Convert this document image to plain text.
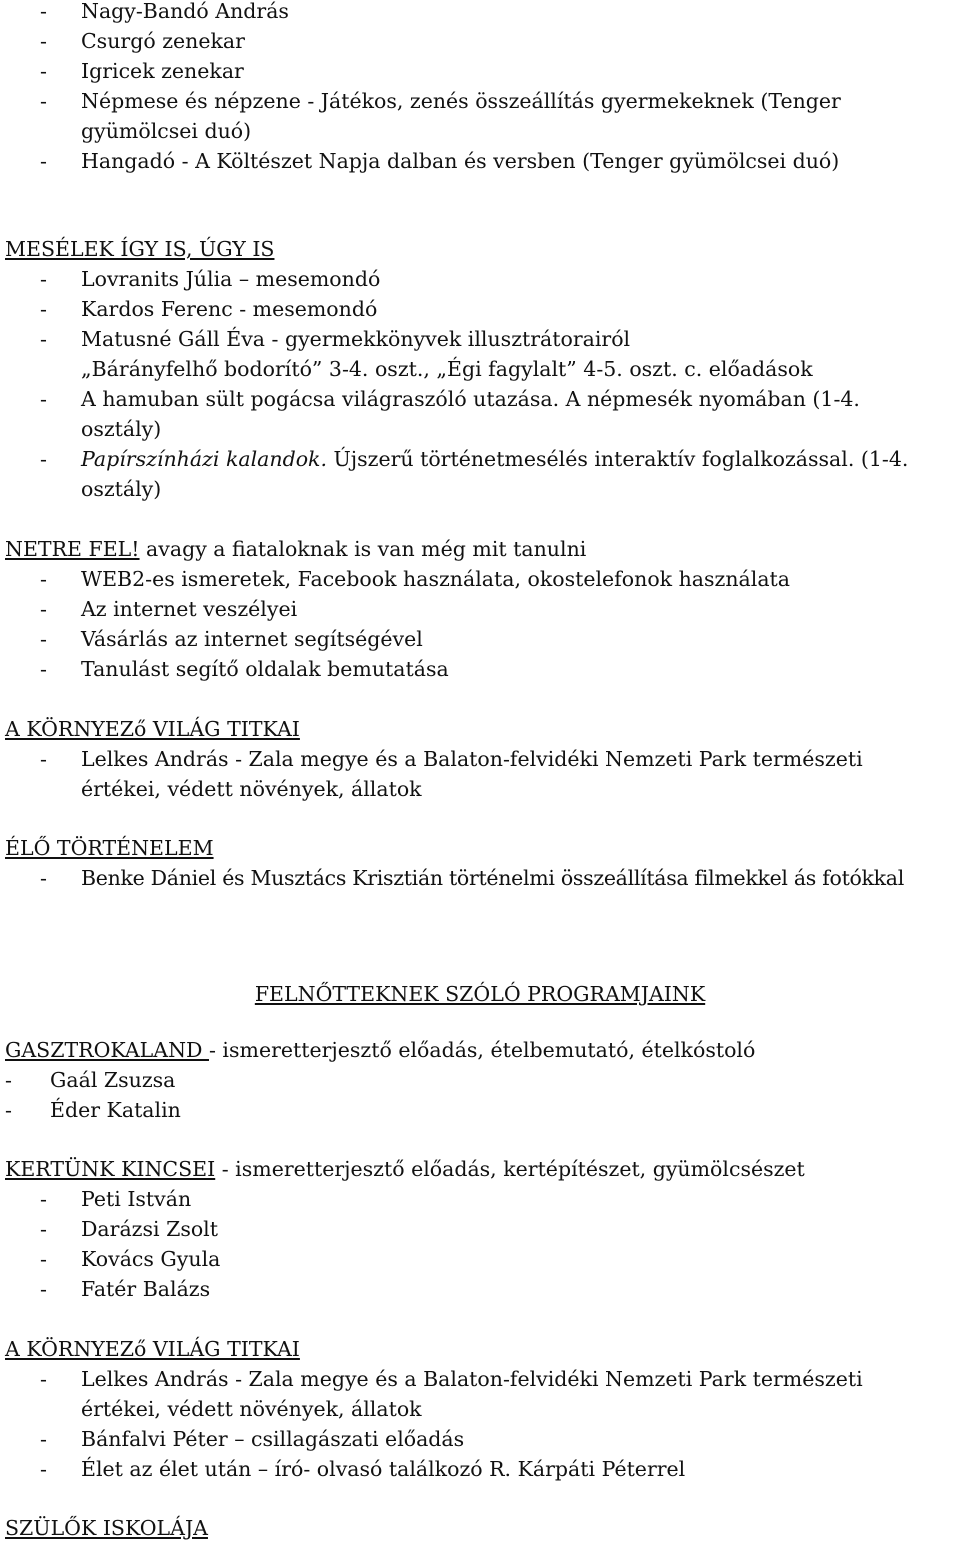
- Nagy-Bandó András
- Csurgó zenekar
- Igricek zenekar
- Népmese és népzene - Játékos, zenés összeállítás gyermekeknek (Tenger
gyümölcsei duó)
- Hangadó - A Költészet Napja dalban és versben (Tenger gyümölcsei duó)
MESÉLEK ÍGY IS, ÚGY IS
- Lovranits Júlia – mesemondó
- Kardos Ferenc - mesemondó
- Matusné Gáll Éva - gyermekkönyvek illusztrátorairól
„Bárányfelhő bodorító” 3-4. oszt., „Égi fagylalt” 4-5. oszt. c. előadások
- A hamuban sült pogácsa világraszóló utazása. A népmesék nyomában (1-4.
osztály)
- Papírszínházi kalandok. Újszerű történetmesélés interaktív foglalkozással. (1-4.
osztály)
NETRE FEL! avagy a fiataloknak is van még mit tanulni
- WEB2-es ismeretek, Facebook használata, okostelefonok használata
- Az internet veszélyei
- Vásárlás az internet segítségével
- Tanulást segítő oldalak bemutatása
A KÖRNYEZő VILÁG TITKAI
- Lelkes András - Zala megye és a Balaton-felvidéki Nemzeti Park természeti
értékei, védett növények, állatok
ÉLŐ TÖRTÉNELEM
- Benke Dániel és Musztács Krisztián történelmi összeállítása filmekkel ás fotókkal
FELNŐTTEKNEK SZÓLÓ PROGRAMJAINK
GASZTROKALAND - ismeretterjesztő előadás, ételbemutató, ételkóstoló
- Gaál Zsuzsa
- Éder Katalin
KERTÜNK KINCSEI - ismeretterjesztő előadás, kertépítészet, gyümölcsészet
- Peti István
- Darázsi Zsolt
- Kovács Gyula
- Fatér Balázs
A KÖRNYEZő VILÁG TITKAI
- Lelkes András - Zala megye és a Balaton-felvidéki Nemzeti Park természeti
értékei, védett növények, állatok
- Bánfalvi Péter – csillagászati előadás
- Élet az élet után – író- olvasó találkozó R. Kárpáti Péterrel
SZÜLŐK ISKOLÁJA
